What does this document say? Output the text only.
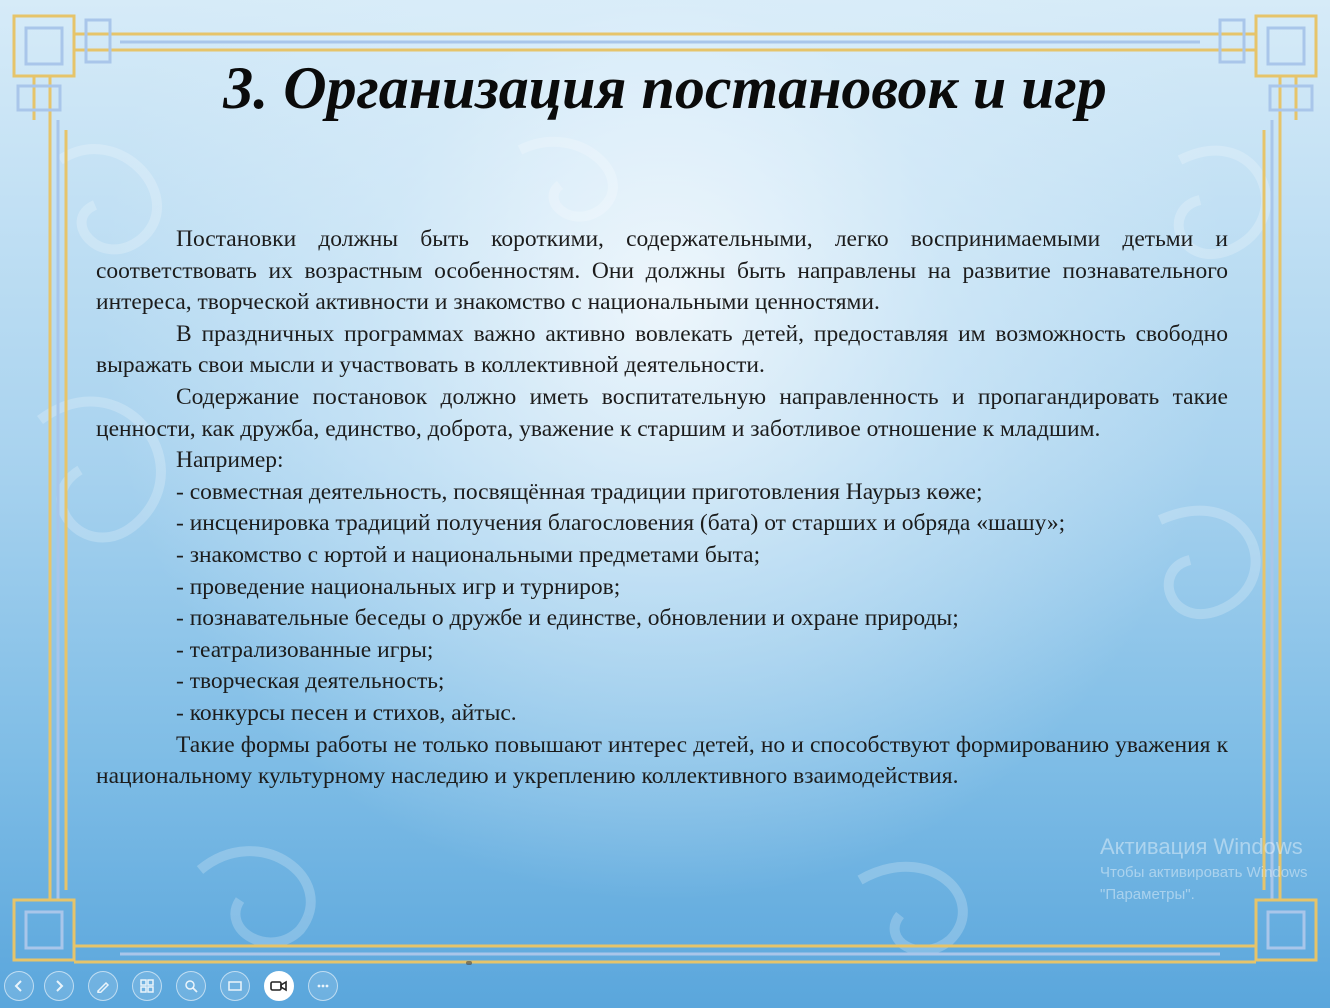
3. Организация постановок и игр

Постановки должны быть короткими, содержательными, легко воспринимаемыми детьми и соответствовать их возрастным особенностям. Они должны быть направлены на развитие познавательного интереса, творческой активности и знакомство с национальными ценностями.

В праздничных программах важно активно вовлекать детей, предоставляя им возможность свободно выражать свои мысли и участвовать в коллективной деятельности.

Содержание постановок должно иметь воспитательную направленность и пропагандировать такие ценности, как дружба, единство, доброта, уважение к старшим и заботливое отношение к младшим.

Например:

- совместная деятельность, посвящённая традиции приготовления Наурыз көже;

- инсценировка традиций получения благословения (бата) от старших и обряда «шашу»;

- знакомство с юртой и национальными предметами быта;

- проведение национальных игр и турниров;

- познавательные беседы о дружбе и единстве, обновлении и охране природы;

- театрализованные игры;

- творческая деятельность;

- конкурсы песен и стихов, айтыс.

Такие формы работы не только повышают интерес детей, но и способствуют формированию уважения к национальному культурному наследию и укреплению коллективного взаимодействия.

Активация Windows
Чтобы активировать Windows
"Параметры".
